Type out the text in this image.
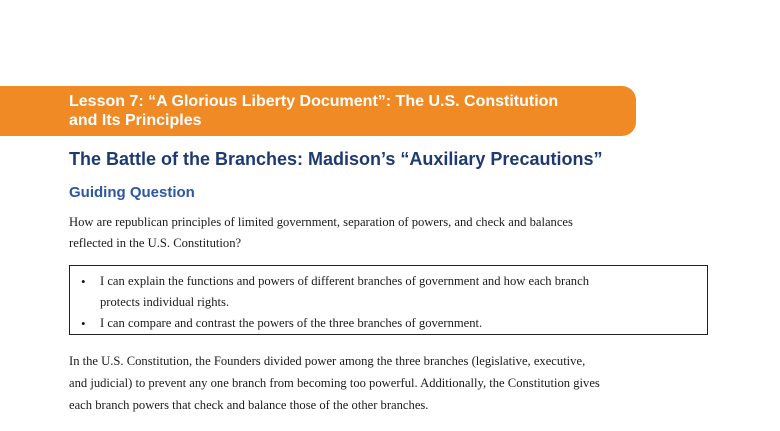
Lesson 7: “A Glorious Liberty Document”: The U.S. Constitution
and Its Principles
The Battle of the Branches: Madison’s “Auxiliary Precautions”
Guiding Question
How are republican principles of limited government, separation of powers, and check and balances
reflected in the U.S. Constitution?
• I can explain the functions and powers of different branches of government and how each branch
protects individual rights.
• I can compare and contrast the powers of the three branches of government.
In the U.S. Constitution, the Founders divided power among the three branches (legislative, executive,
and judicial) to prevent any one branch from becoming too powerful. Additionally, the Constitution gives
each branch powers that check and balance those of the other branches.
